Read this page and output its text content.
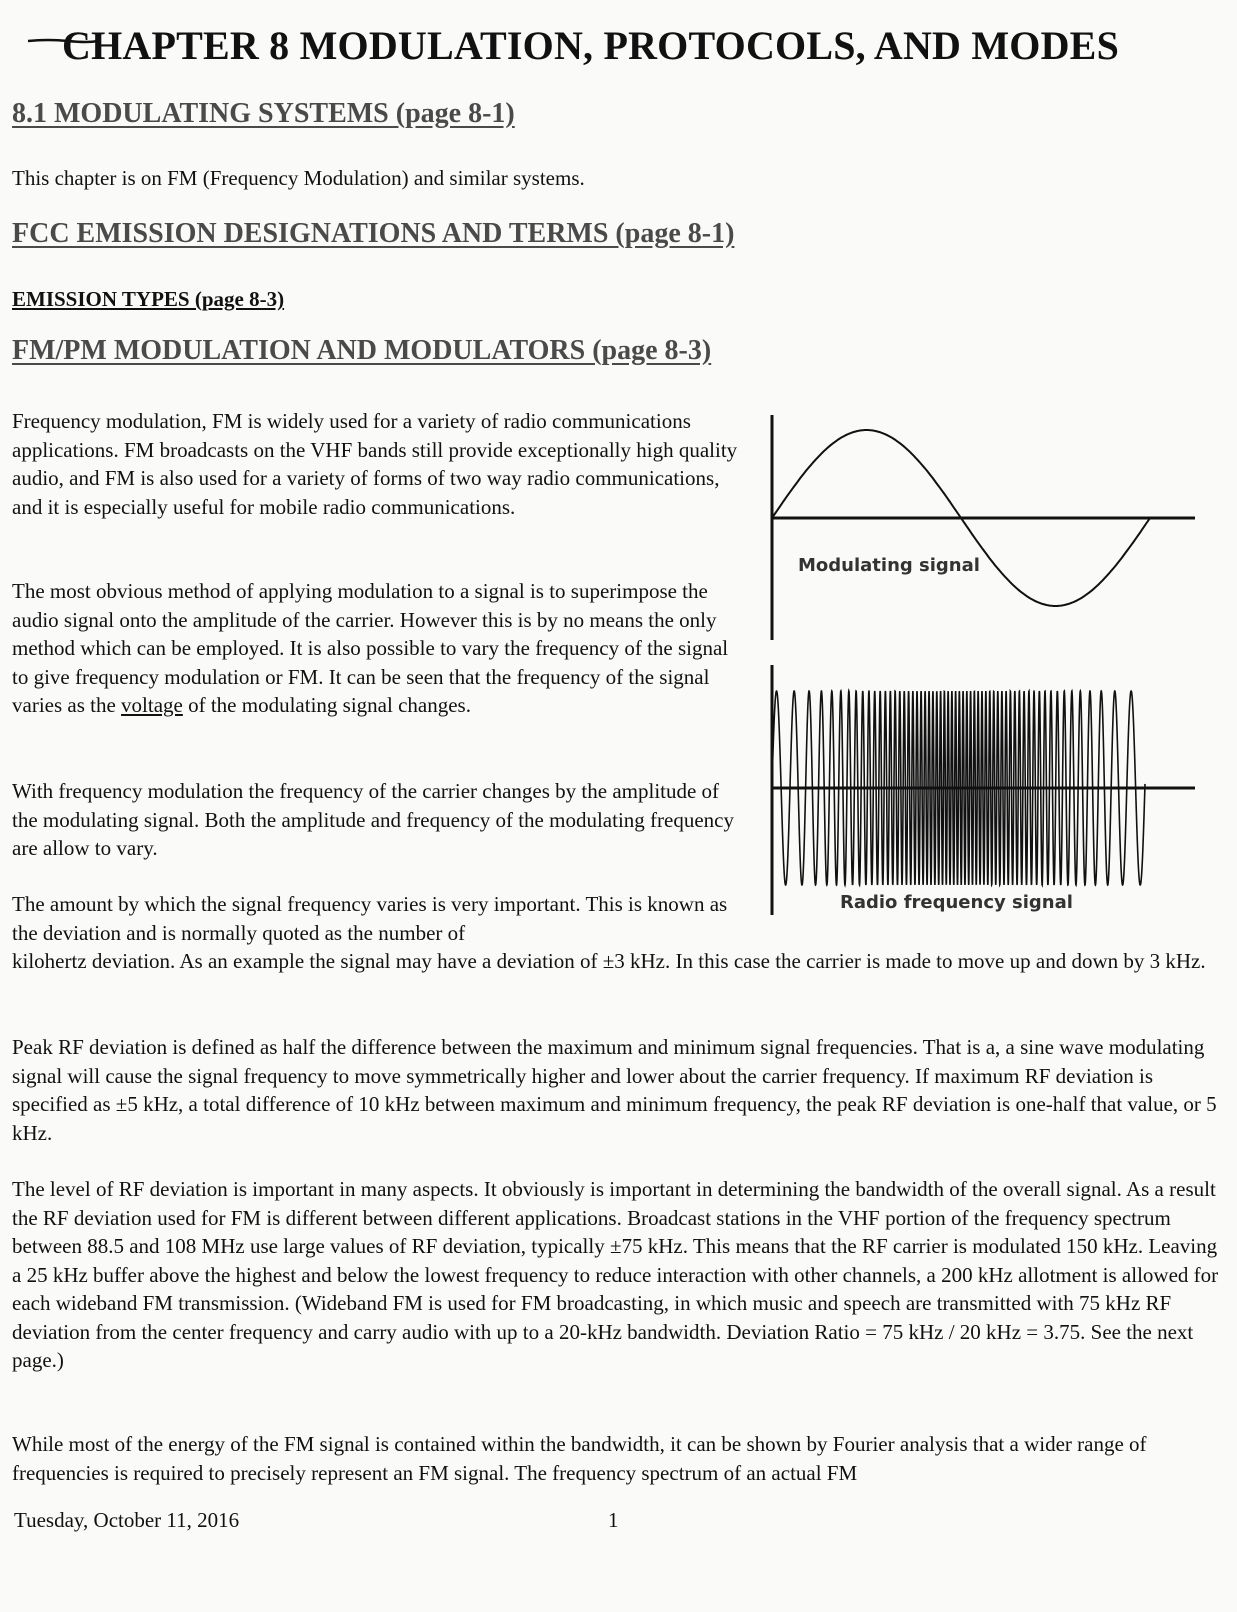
CHAPTER 8 MODULATION, PROTOCOLS, AND MODES
8.1 MODULATING SYSTEMS (page 8-1)

This chapter is on FM (Frequency Modulation) and similar systems.

FCC EMISSION DESIGNATIONS AND TERMS (page 8-1)
EMISSION TYPES (page 8-3)
FM/PM MODULATION AND MODULATORS (page 8-3)

Frequency modulation, FM is widely used for a variety of radio communications applications. FM broadcasts on the VHF bands still provide exceptionally high quality audio, and FM is also used for a variety of forms of two way radio communications, and it is especially useful for mobile radio communications.

The most obvious method of applying modulation to a signal is to superimpose the audio signal onto the amplitude of the carrier. However this is by no means the only method which can be employed. It is also possible to vary the frequency of the signal to give frequency modulation or FM. It can be seen that the frequency of the signal varies as the voltage of the modulating signal changes.

With frequency modulation the frequency of the carrier changes by the amplitude of the modulating signal. Both the amplitude and frequency of the modulating frequency are allow to vary.

The amount by which the signal frequency varies is very important. This is known as the deviation and is normally quoted as the number of

kilohertz deviation. As an example the signal may have a deviation of ±3 kHz. In this case the carrier is made to move up and down by 3 kHz.

Peak RF deviation is defined as half the difference between the maximum and minimum signal frequencies. That is a, a sine wave modulating signal will cause the signal frequency to move symmetrically higher and lower about the carrier frequency. If maximum RF deviation is specified as ±5 kHz, a total difference of 10 kHz between maximum and minimum frequency, the peak RF deviation is one-half that value, or 5 kHz.

The level of RF deviation is important in many aspects. It obviously is important in determining the bandwidth of the overall signal. As a result the RF deviation used for FM is different between different applications. Broadcast stations in the VHF portion of the frequency spectrum between 88.5 and 108 MHz use large values of RF deviation, typically ±75 kHz. This means that the RF carrier is modulated 150 kHz. Leaving a 25 kHz buffer above the highest and below the lowest frequency to reduce interaction with other channels, a 200 kHz allotment is allowed for each wideband FM transmission. (Wideband FM is used for FM broadcasting, in which music and speech are transmitted with 75 kHz RF deviation from the center frequency and carry audio with up to a 20-kHz bandwidth. Deviation Ratio = 75 kHz / 20 kHz = 3.75. See the next page.)

While most of the energy of the FM signal is contained within the bandwidth, it can be shown by Fourier analysis that a wider range of frequencies is required to precisely represent an FM signal. The frequency spectrum of an actual FM

Modulating signal
Radio frequency signal
Tuesday, October 11, 2016	1
